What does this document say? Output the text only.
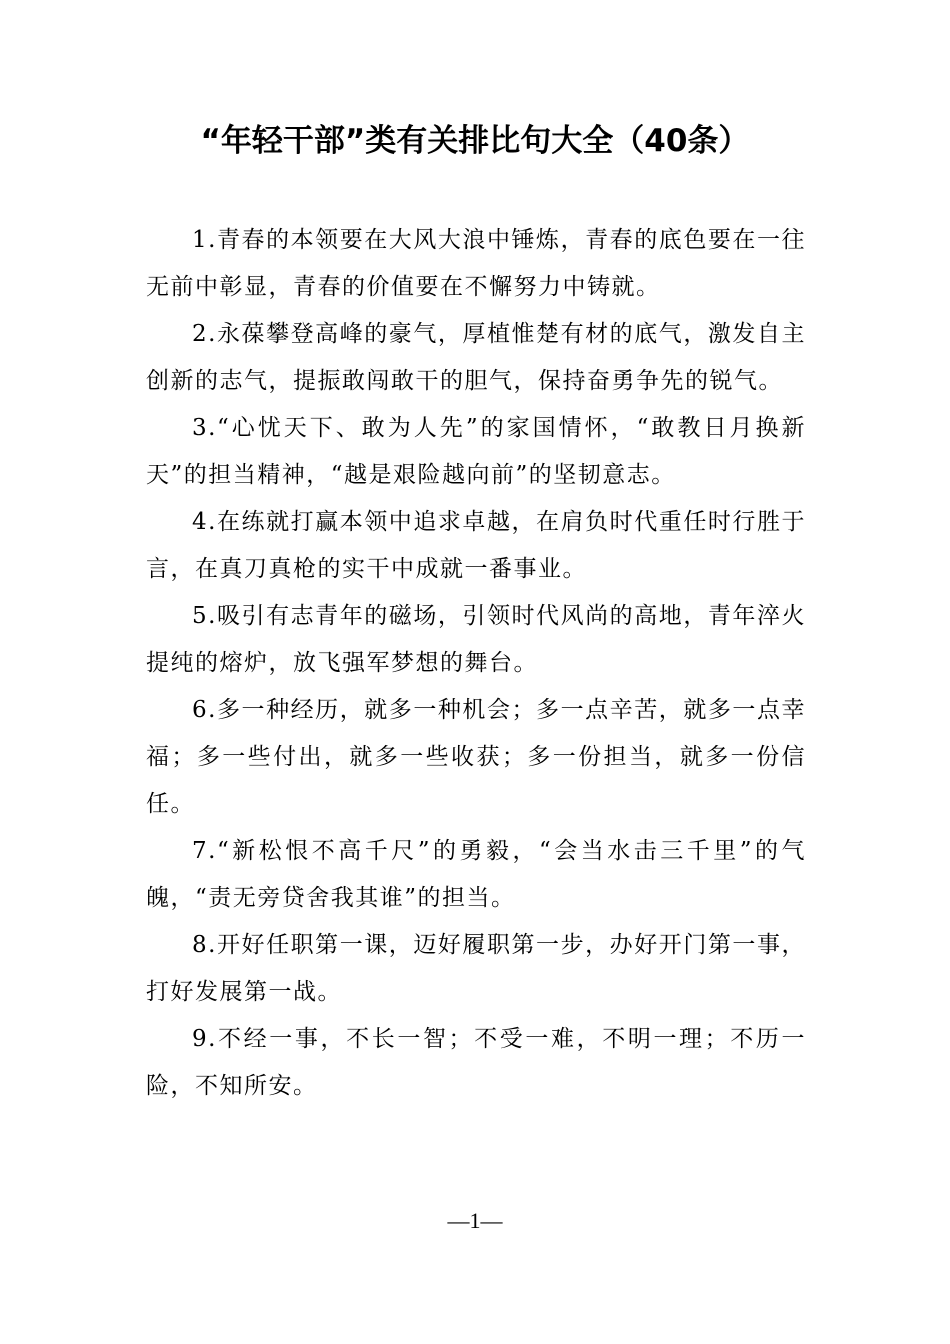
“年轻干部”类有关排比句大全（40条）

1.青春的本领要在大风大浪中锤炼，青春的底色要在一往无前中彰显，青春的价值要在不懈努力中铸就。

2.永葆攀登高峰的豪气，厚植惟楚有材的底气，激发自主创新的志气，提振敢闯敢干的胆气，保持奋勇争先的锐气。

3.“心忧天下、敢为人先”的家国情怀，“敢教日月换新天”的担当精神，“越是艰险越向前”的坚韧意志。

4.在练就打赢本领中追求卓越，在肩负时代重任时行胜于言，在真刀真枪的实干中成就一番事业。

5.吸引有志青年的磁场，引领时代风尚的高地，青年淬火提纯的熔炉，放飞强军梦想的舞台。

6.多一种经历，就多一种机会；多一点辛苦，就多一点幸福；多一些付出，就多一些收获；多一份担当，就多一份信任。

7.“新松恨不高千尺”的勇毅，“会当水击三千里”的气魄，“责无旁贷舍我其谁”的担当。

8.开好任职第一课，迈好履职第一步，办好开门第一事，打好发展第一战。

9.不经一事，不长一智；不受一难，不明一理；不历一险，不知所安。

—1—
